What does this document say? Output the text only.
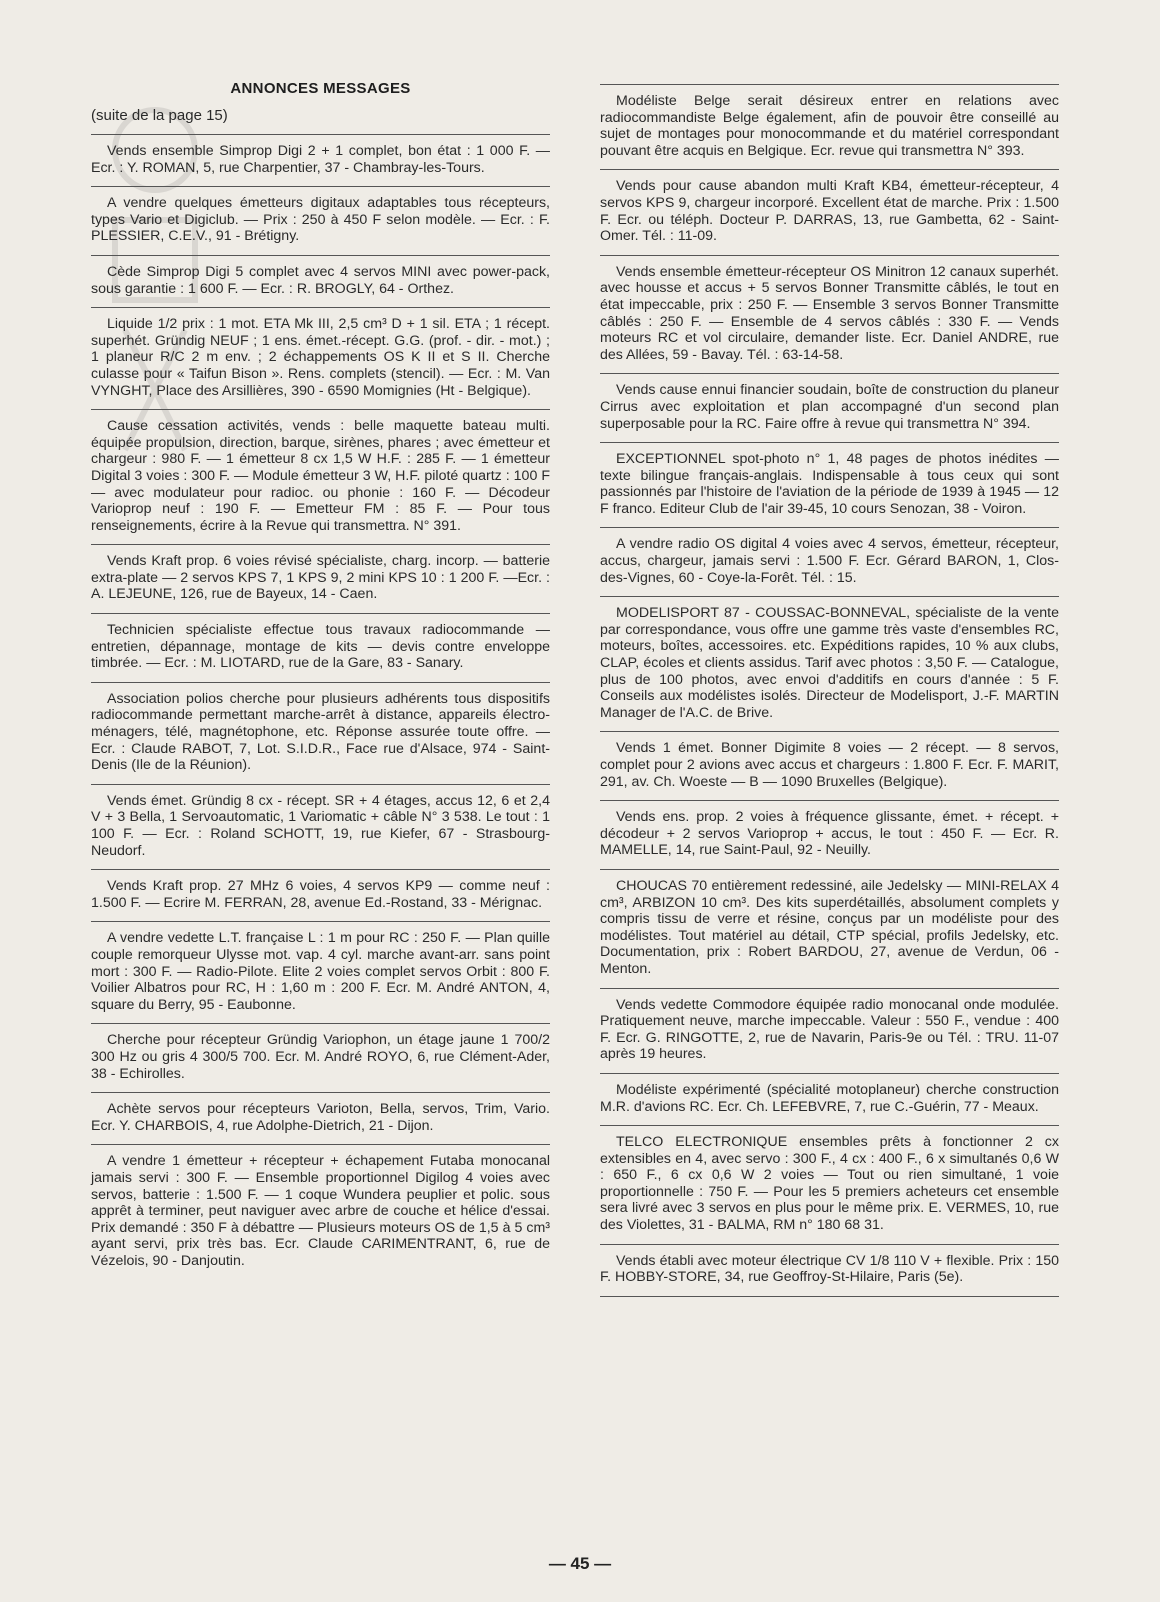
ANNONCES MESSAGES
(suite de la page 15)
Vends ensemble Simprop Digi 2 + 1 complet, bon état : 1 000 F. — Ecr. : Y. ROMAN, 5, rue Charpentier, 37 - Chambray-les-Tours.
A vendre quelques émetteurs digitaux adaptables tous récepteurs, types Vario et Digiclub. — Prix : 250 à 450 F selon modèle. — Ecr. : F. PLESSIER, C.E.V., 91 - Brétigny.
Cède Simprop Digi 5 complet avec 4 servos MINI avec power-pack, sous garantie : 1 600 F. — Ecr. : R. BROGLY, 64 - Orthez.
Liquide 1/2 prix : 1 mot. ETA Mk III, 2,5 cm³ D + 1 sil. ETA ; 1 récept. superhét. Gründig NEUF ; 1 ens. émet.-récept. G.G. (prof. - dir. - mot.) ; 1 planeur R/C 2 m env. ; 2 échappements OS K II et S II. Cherche culasse pour « Taifun Bison ». Rens. complets (stencil). — Ecr. : M. Van VYNGHT, Place des Arsillières, 390 - 6590 Momignies (Ht - Belgique).
Cause cessation activités, vends : belle maquette bateau multi. équipée propulsion, direction, barque, sirènes, phares ; avec émetteur et chargeur : 980 F. — 1 émetteur 8 cx 1,5 W H.F. : 285 F. — 1 émetteur Digital 3 voies : 300 F. — Module émetteur 3 W, H.F. piloté quartz : 100 F — avec modulateur pour radioc. ou phonie : 160 F. — Décodeur Varioprop neuf : 190 F. — Emetteur FM : 85 F. — Pour tous renseignements, écrire à la Revue qui transmettra. N° 391.
Vends Kraft prop. 6 voies révisé spécialiste, charg. incorp. — batterie extra-plate — 2 servos KPS 7, 1 KPS 9, 2 mini KPS 10 : 1 200 F. —Ecr. : A. LEJEUNE, 126, rue de Bayeux, 14 - Caen.
Technicien spécialiste effectue tous travaux radiocommande — entretien, dépannage, montage de kits — devis contre enveloppe timbrée. — Ecr. : M. LIOTARD, rue de la Gare, 83 - Sanary.
Association polios cherche pour plusieurs adhérents tous dispositifs radiocommande permettant marche-arrêt à distance, appareils électro-ménagers, télé, magnétophone, etc. Réponse assurée toute offre. — Ecr. : Claude RABOT, 7, Lot. S.I.D.R., Face rue d'Alsace, 974 - Saint-Denis (Ile de la Réunion).
Vends émet. Gründig 8 cx - récept. SR + 4 étages, accus 12, 6 et 2,4 V + 3 Bella, 1 Servoautomatic, 1 Variomatic + câble N° 3 538. Le tout : 1 100 F. — Ecr. : Roland SCHOTT, 19, rue Kiefer, 67 - Strasbourg-Neudorf.
Vends Kraft prop. 27 MHz 6 voies, 4 servos KP9 — comme neuf : 1.500 F. — Ecrire M. FERRAN, 28, avenue Ed.-Rostand, 33 - Mérignac.
A vendre vedette L.T. française L : 1 m pour RC : 250 F. — Plan quille couple remorqueur Ulysse mot. vap. 4 cyl. marche avant-arr. sans point mort : 300 F. — Radio-Pilote. Elite 2 voies complet servos Orbit : 800 F. Voilier Albatros pour RC, H : 1,60 m : 200 F. Ecr. M. André ANTON, 4, square du Berry, 95 - Eaubonne.
Cherche pour récepteur Gründig Variophon, un étage jaune 1 700/2 300 Hz ou gris 4 300/5 700. Ecr. M. André ROYO, 6, rue Clément-Ader, 38 - Echirolles.
Achète servos pour récepteurs Varioton, Bella, servos, Trim, Vario. Ecr. Y. CHARBOIS, 4, rue Adolphe-Dietrich, 21 - Dijon.
A vendre 1 émetteur + récepteur + échapement Futaba monocanal jamais servi : 300 F. — Ensemble proportionnel Digilog 4 voies avec servos, batterie : 1.500 F. — 1 coque Wundera peuplier et polic. sous apprêt à terminer, peut naviguer avec arbre de couche et hélice d'essai. Prix demandé : 350 F à débattre — Plusieurs moteurs OS de 1,5 à 5 cm³ ayant servi, prix très bas. Ecr. Claude CARIMENTRANT, 6, rue de Vézelois, 90 - Danjoutin.
Modéliste Belge serait désireux entrer en relations avec radiocommandiste Belge également, afin de pouvoir être conseillé au sujet de montages pour monocommande et du matériel correspondant pouvant être acquis en Belgique. Ecr. revue qui transmettra N° 393.
Vends pour cause abandon multi Kraft KB4, émetteur-récepteur, 4 servos KPS 9, chargeur incorporé. Excellent état de marche. Prix : 1.500 F. Ecr. ou téléph. Docteur P. DARRAS, 13, rue Gambetta, 62 - Saint-Omer. Tél. : 11-09.
Vends ensemble émetteur-récepteur OS Minitron 12 canaux superhét. avec housse et accus + 5 servos Bonner Transmitte câblés, le tout en état impeccable, prix : 250 F. — Ensemble 3 servos Bonner Transmitte câblés : 250 F. — Ensemble de 4 servos câblés : 330 F. — Vends moteurs RC et vol circulaire, demander liste. Ecr. Daniel ANDRE, rue des Allées, 59 - Bavay. Tél. : 63-14-58.
Vends cause ennui financier soudain, boîte de construction du planeur Cirrus avec exploitation et plan accompagné d'un second plan superposable pour la RC. Faire offre à revue qui transmettra N° 394.
EXCEPTIONNEL spot-photo n° 1, 48 pages de photos inédites — texte bilingue français-anglais. Indispensable à tous ceux qui sont passionnés par l'histoire de l'aviation de la période de 1939 à 1945 — 12 F franco. Editeur Club de l'air 39-45, 10 cours Senozan, 38 - Voiron.
A vendre radio OS digital 4 voies avec 4 servos, émetteur, récepteur, accus, chargeur, jamais servi : 1.500 F. Ecr. Gérard BARON, 1, Clos-des-Vignes, 60 - Coye-la-Forêt. Tél. : 15.
MODELISPORT 87 - COUSSAC-BONNEVAL, spécialiste de la vente par correspondance, vous offre une gamme très vaste d'ensembles RC, moteurs, boîtes, accessoires. etc. Expéditions rapides, 10 % aux clubs, CLAP, écoles et clients assidus. Tarif avec photos : 3,50 F. — Catalogue, plus de 100 photos, avec envoi d'additifs en cours d'année : 5 F. Conseils aux modélistes isolés. Directeur de Modelisport, J.-F. MARTIN Manager de l'A.C. de Brive.
Vends 1 émet. Bonner Digimite 8 voies — 2 récept. — 8 servos, complet pour 2 avions avec accus et chargeurs : 1.800 F. Ecr. F. MARIT, 291, av. Ch. Woeste — B — 1090 Bruxelles (Belgique).
Vends ens. prop. 2 voies à fréquence glissante, émet. + récept. + décodeur + 2 servos Varioprop + accus, le tout : 450 F. — Ecr. R. MAMELLE, 14, rue Saint-Paul, 92 - Neuilly.
CHOUCAS 70 entièrement redessiné, aile Jedelsky — MINI-RELAX 4 cm³, ARBIZON 10 cm³. Des kits superdétaillés, absolument complets y compris tissu de verre et résine, conçus par un modéliste pour des modélistes. Tout matériel au détail, CTP spécial, profils Jedelsky, etc. Documentation, prix : Robert BARDOU, 27, avenue de Verdun, 06 - Menton.
Vends vedette Commodore équipée radio monocanal onde modulée. Pratiquement neuve, marche impeccable. Valeur : 550 F., vendue : 400 F. Ecr. G. RINGOTTE, 2, rue de Navarin, Paris-9e ou Tél. : TRU. 11-07 après 19 heures.
Modéliste expérimenté (spécialité motoplaneur) cherche construction M.R. d'avions RC. Ecr. Ch. LEFEBVRE, 7, rue C.-Guérin, 77 - Meaux.
TELCO ELECTRONIQUE ensembles prêts à fonctionner 2 cx extensibles en 4, avec servo : 300 F., 4 cx : 400 F., 6 x simultanés 0,6 W : 650 F., 6 cx 0,6 W 2 voies — Tout ou rien simultané, 1 voie proportionnelle : 750 F. — Pour les 5 premiers acheteurs cet ensemble sera livré avec 3 servos en plus pour le même prix. E. VERMES, 10, rue des Violettes, 31 - BALMA, RM n° 180 68 31.
Vends établi avec moteur électrique CV 1/8 110 V + flexible. Prix : 150 F. HOBBY-STORE, 34, rue Geoffroy-St-Hilaire, Paris (5e).
— 45 —
